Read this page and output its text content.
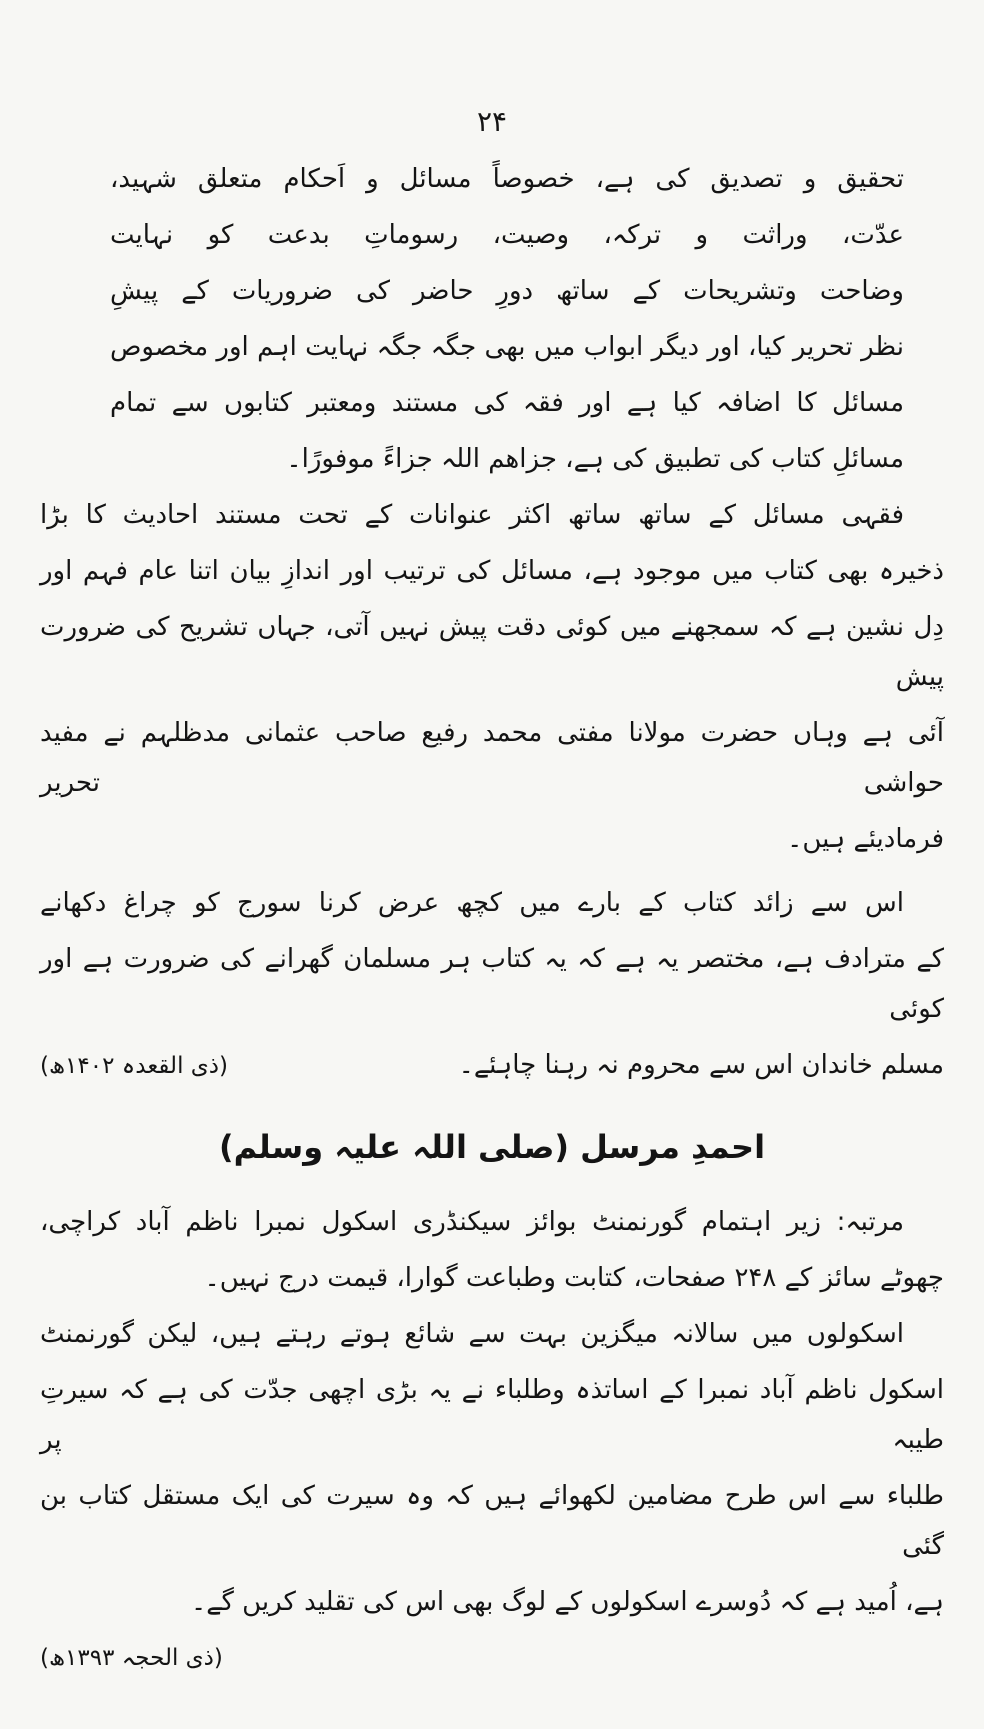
۲۴
تحقیق و تصدیق کی ہے، خصوصاً مسائل و اَحکام متعلق شہید،
عدّت، وراثت و ترکہ، وصیت، رسوماتِ بدعت کو نہایت
وضاحت وتشریحات کے ساتھ دورِ حاضر کی ضروریات کے پیشِ
نظر تحریر کیا، اور دیگر ابواب میں بھی جگہ جگہ نہایت اہم اور مخصوص
مسائل کا اضافہ کیا ہے اور فقہ کی مستند ومعتبر کتابوں سے تمام
مسائلِ کتاب کی تطبیق کی ہے، جزاھم اللہ جزاءً موفورًا۔
فقہی مسائل کے ساتھ ساتھ اکثر عنوانات کے تحت مستند احادیث کا بڑا
ذخیرہ بھی کتاب میں موجود ہے، مسائل کی ترتیب اور اندازِ بیان اتنا عام فہم اور
دِل نشین ہے کہ سمجھنے میں کوئی دقت پیش نہیں آتی، جہاں تشریح کی ضرورت پیش
آئی ہے وہاں حضرت مولانا مفتی محمد رفیع صاحب عثمانی مدظلہم نے مفید حواشی تحریر
فرمادیئے ہیں۔
اس سے زائد کتاب کے بارے میں کچھ عرض کرنا سورج کو چراغ دکھانے
کے مترادف ہے، مختصر یہ ہے کہ یہ کتاب ہر مسلمان گھرانے کی ضرورت ہے اور کوئی
مسلم خاندان اس سے محروم نہ رہنا چاہئے۔
(ذی القعدہ ۱۴۰۲ھ)
احمدِ مرسل (صلی اللہ علیہ وسلم)
مرتبہ: زیر اہتمام گورنمنٹ بوائز سیکنڈری اسکول نمبرا ناظم آباد کراچی،
چھوٹے سائز کے ۲۴۸ صفحات، کتابت وطباعت گوارا، قیمت درج نہیں۔
اسکولوں میں سالانہ میگزین بہت سے شائع ہوتے رہتے ہیں، لیکن گورنمنٹ
اسکول ناظم آباد نمبرا کے اساتذہ وطلباء نے یہ بڑی اچھی جدّت کی ہے کہ سیرتِ طیبہ پر
طلباء سے اس طرح مضامین لکھوائے ہیں کہ وہ سیرت کی ایک مستقل کتاب بن گئی
ہے، اُمید ہے کہ دُوسرے اسکولوں کے لوگ بھی اس کی تقلید کریں گے۔
(ذی الحجہ ۱۳۹۳ھ)
